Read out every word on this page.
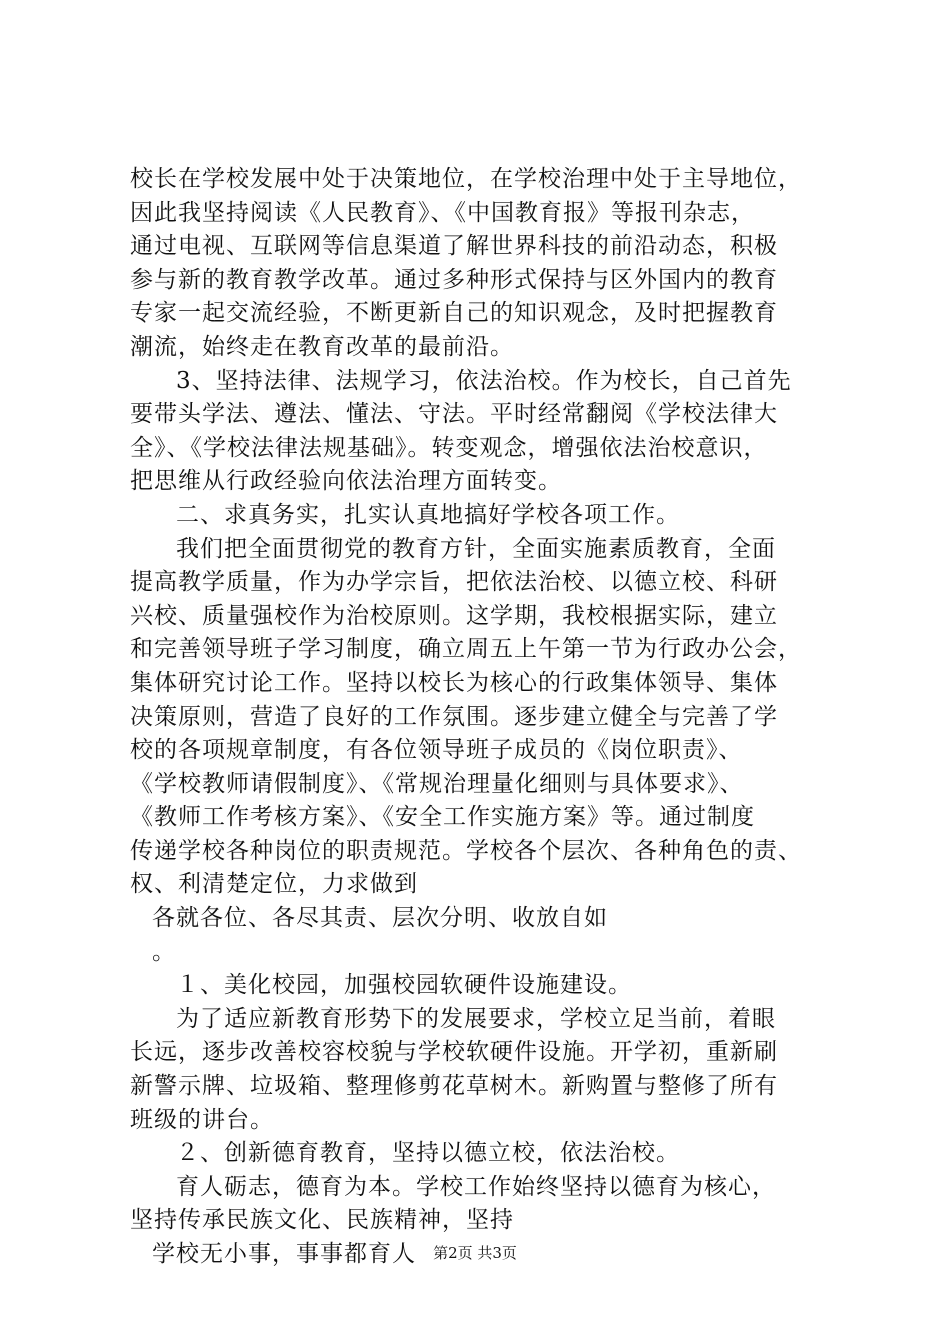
校长在学校发展中处于决策地位，在学校治理中处于主导地位，
因此我坚持阅读《人民教育》、《中国教育报》等报刊杂志，
通过电视、互联网等信息渠道了解世界科技的前沿动态，积极
参与新的教育教学改革。通过多种形式保持与区外国内的教育
专家一起交流经验，不断更新自己的知识观念，及时把握教育
潮流，始终走在教育改革的最前沿。
3、坚持法律、法规学习，依法治校。作为校长，自己首先
要带头学法、遵法、懂法、守法。平时经常翻阅《学校法律大
全》、《学校法律法规基础》。转变观念，增强依法治校意识，
把思维从行政经验向依法治理方面转变。
二、求真务实，扎实认真地搞好学校各项工作。
我们把全面贯彻党的教育方针，全面实施素质教育，全面
提高教学质量，作为办学宗旨，把依法治校、以德立校、科研
兴校、质量强校作为治校原则。这学期，我校根据实际，建立
和完善领导班子学习制度，确立周五上午第一节为行政办公会，
集体研究讨论工作。坚持以校长为核心的行政集体领导、集体
决策原则，营造了良好的工作氛围。逐步建立健全与完善了学
校的各项规章制度，有各位领导班子成员的《岗位职责》、
《学校教师请假制度》、《常规治理量化细则与具体要求》、
《教师工作考核方案》、《安全工作实施方案》等。通过制度
传递学校各种岗位的职责规范。学校各个层次、各种角色的责、
权、利清楚定位，力求做到
各就各位、各尽其责、层次分明、收放自如
。
１、美化校园，加强校园软硬件设施建设。
为了适应新教育形势下的发展要求，学校立足当前，着眼
长远，逐步改善校容校貌与学校软硬件设施。开学初，重新刷
新警示牌、垃圾箱、整理修剪花草树木。新购置与整修了所有
班级的讲台。
２、创新德育教育，坚持以德立校，依法治校。
育人砺志，德育为本。学校工作始终坚持以德育为核心，
坚持传承民族文化、民族精神，坚持
学校无小事，事事都育人	第2页 共3页
